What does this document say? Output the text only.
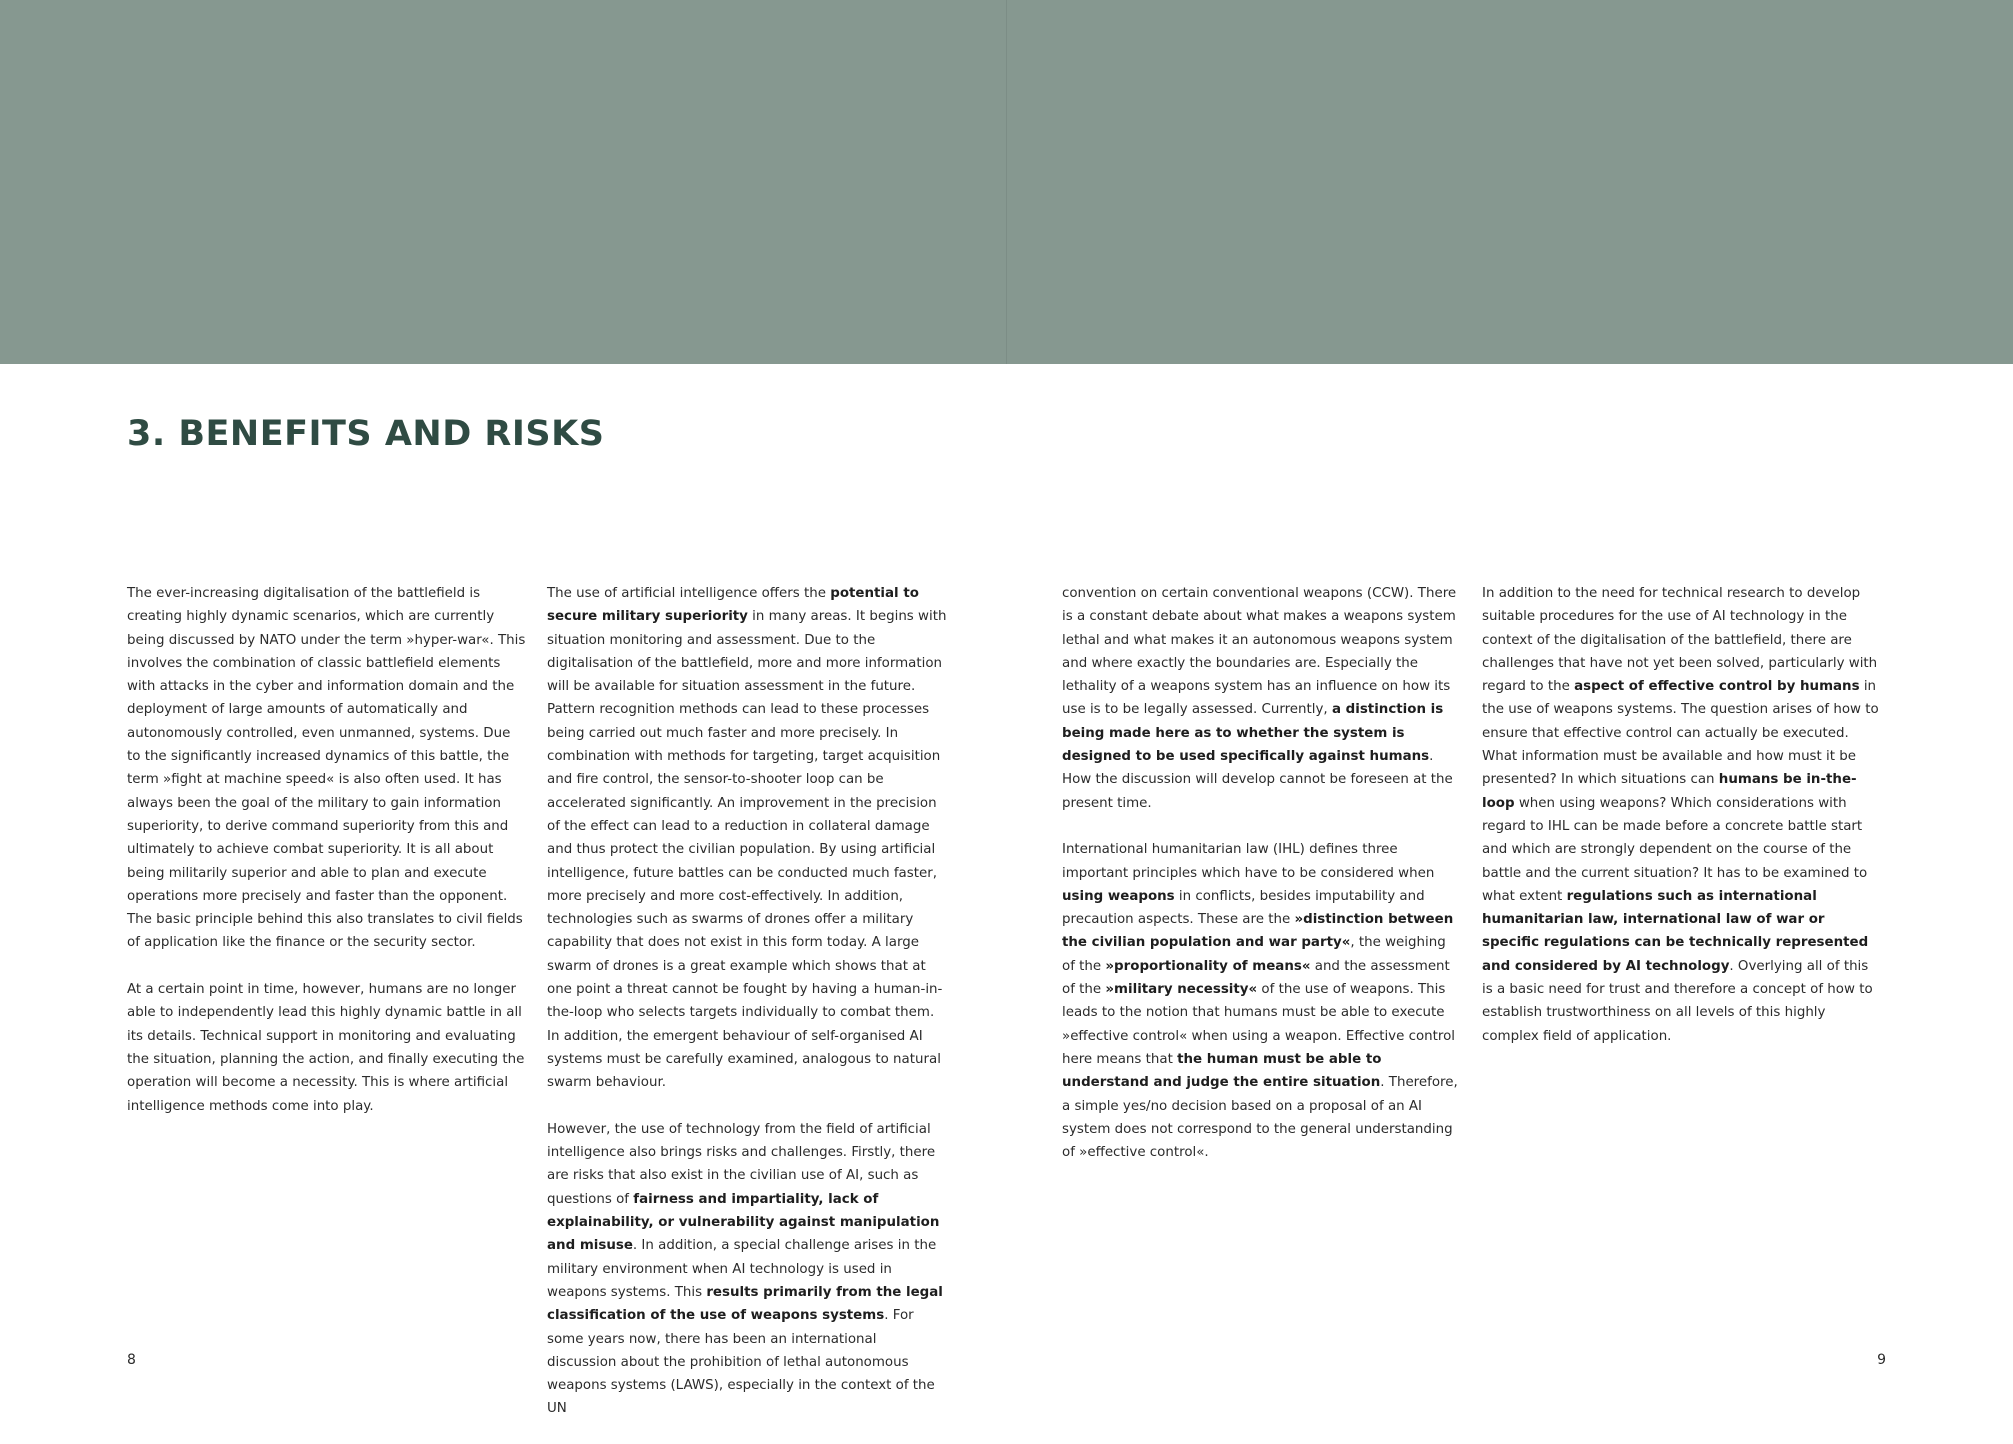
3. BENEFITS AND RISKS

The ever-increasing digitalisation of the battlefield is creating highly dynamic scenarios, which are currently being discussed by NATO under the term »hyper-war«. This involves the combination of classic battlefield elements with attacks in the cyber and information domain and the deployment of large amounts of automatically and autonomously controlled, even unmanned, systems. Due to the significantly increased dynamics of this battle, the term »fight at machine speed« is also often used. It has always been the goal of the military to gain information superiority, to derive command superiority from this and ultimately to achieve combat superiority. It is all about being militarily superior and able to plan and execute operations more precisely and faster than the opponent. The basic principle behind this also translates to civil fields of application like the finance or the security sector.

At a certain point in time, however, humans are no longer able to independently lead this highly dynamic battle in all its details. Technical support in monitoring and evaluating the situation, planning the action, and finally executing the operation will become a necessity. This is where artificial intelligence methods come into play.

The use of artificial intelligence offers the potential to secure military superiority in many areas. It begins with situation monitoring and assessment. Due to the digitalisation of the battlefield, more and more information will be available for situation assessment in the future. Pattern recognition methods can lead to these processes being carried out much faster and more precisely. In combination with methods for targeting, target acquisition and fire control, the sensor-to-shooter loop can be accelerated significantly. An improvement in the precision of the effect can lead to a reduction in collateral damage and thus protect the civilian population. By using artificial intelligence, future battles can be conducted much faster, more precisely and more cost-effectively. In addition, technologies such as swarms of drones offer a military capability that does not exist in this form today. A large swarm of drones is a great example which shows that at one point a threat cannot be fought by having a human-in-the-loop who selects targets individually to combat them. In addition, the emergent behaviour of self-organised AI systems must be carefully examined, analogous to natural swarm behaviour.

However, the use of technology from the field of artificial intelligence also brings risks and challenges. Firstly, there are risks that also exist in the civilian use of AI, such as questions of fairness and impartiality, lack of explainability, or vulnerability against manipulation and misuse. In addition, a special challenge arises in the military environment when AI technology is used in weapons systems. This results primarily from the legal classification of the use of weapons systems. For some years now, there has been an international discussion about the prohibition of lethal autonomous weapons systems (LAWS), especially in the context of the UN

convention on certain conventional weapons (CCW). There is a constant debate about what makes a weapons system lethal and what makes it an autonomous weapons system and where exactly the boundaries are. Especially the lethality of a weapons system has an influence on how its use is to be legally assessed. Currently, a distinction is being made here as to whether the system is designed to be used specifically against humans. How the discussion will develop cannot be foreseen at the present time.

International humanitarian law (IHL) defines three important principles which have to be considered when using weapons in conflicts, besides imputability and precaution aspects. These are the »distinction between the civilian population and war party«, the weighing of the »proportionality of means« and the assessment of the »military necessity« of the use of weapons. This leads to the notion that humans must be able to execute »effective control« when using a weapon. Effective control here means that the human must be able to understand and judge the entire situation. Therefore, a simple yes/no decision based on a proposal of an AI system does not correspond to the general understanding of »effective control«.

In addition to the need for technical research to develop suitable procedures for the use of AI technology in the context of the digitalisation of the battlefield, there are challenges that have not yet been solved, particularly with regard to the aspect of effective control by humans in the use of weapons systems. The question arises of how to ensure that effective control can actually be executed. What information must be available and how must it be presented? In which situations can humans be in-the-loop when using weapons? Which considerations with regard to IHL can be made before a concrete battle start and which are strongly dependent on the course of the battle and the current situation? It has to be examined to what extent regulations such as international humanitarian law, international law of war or specific regulations can be technically represented and considered by AI technology. Overlying all of this is a basic need for trust and therefore a concept of how to establish trustworthiness on all levels of this highly complex field of application.

8	9
